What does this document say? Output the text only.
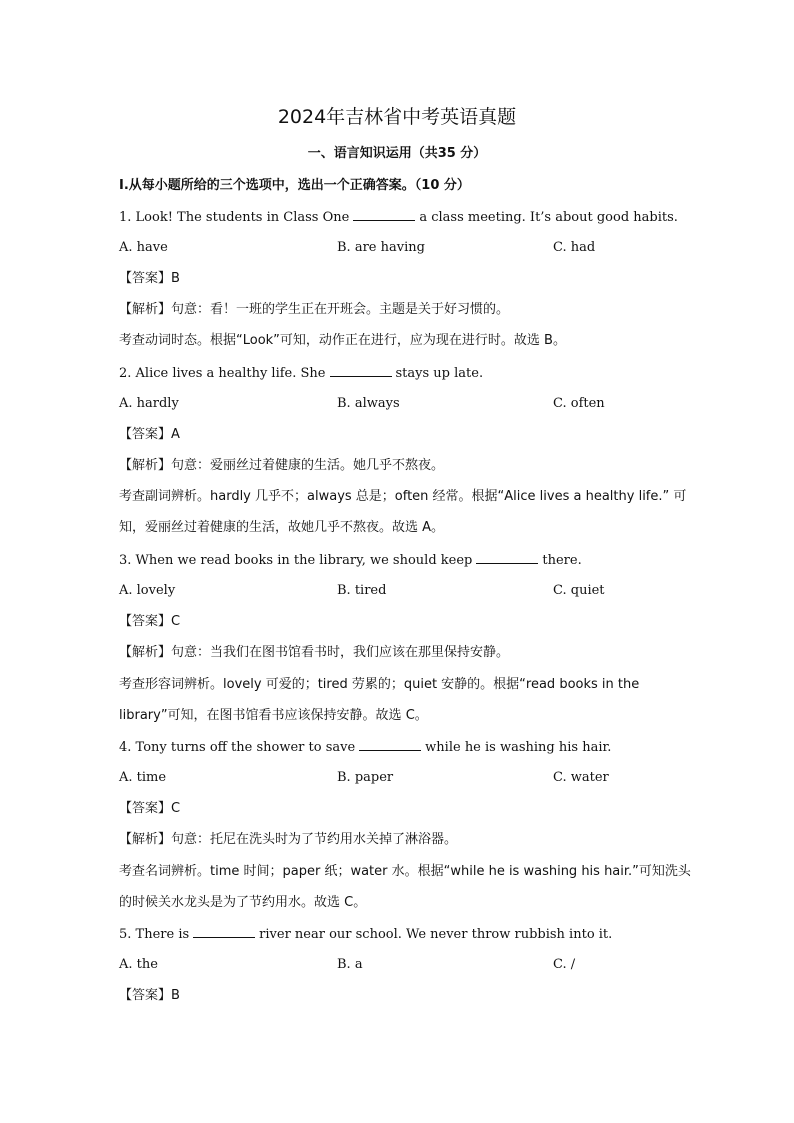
2024年吉林省中考英语真题
一、语言知识运用（共35 分）
Ⅰ.从每小题所给的三个选项中，选出一个正确答案。（10 分）
1. Look! The students in Class One	a class meeting. It’s about good habits.
A. have	B. are having	C. had
【答案】B
【解析】句意：看！一班的学生正在开班会。主题是关于好习惯的。
考查动词时态。根据“Look”可知，动作正在进行，应为现在进行时。故选 B。
2. Alice lives a healthy life. She	stays up late.
A. hardly	B. always	C. often
【答案】A
【解析】句意：爱丽丝过着健康的生活。她几乎不熬夜。
考查副词辨析。hardly 几乎不；always 总是；often 经常。根据“Alice lives a healthy life.” 可
知，爱丽丝过着健康的生活，故她几乎不熬夜。故选 A。
3. When we read books in the library, we should keep	there.
A. lovely	B. tired	C. quiet
【答案】C
【解析】句意：当我们在图书馆看书时，我们应该在那里保持安静。
考查形容词辨析。lovely 可爱的；tired 劳累的；quiet 安静的。根据“read books in the
library”可知，在图书馆看书应该保持安静。故选 C。
4. Tony turns off the shower to save	while he is washing his hair.
A. time	B. paper	C. water
【答案】C
【解析】句意：托尼在洗头时为了节约用水关掉了淋浴器。
考查名词辨析。time 时间；paper 纸；water 水。根据“while he is washing his hair.”可知洗头
的时候关水龙头是为了节约用水。故选 C。
5. There is	river near our school. We never throw rubbish into it.
A. the	B. a	C. /
【答案】B
